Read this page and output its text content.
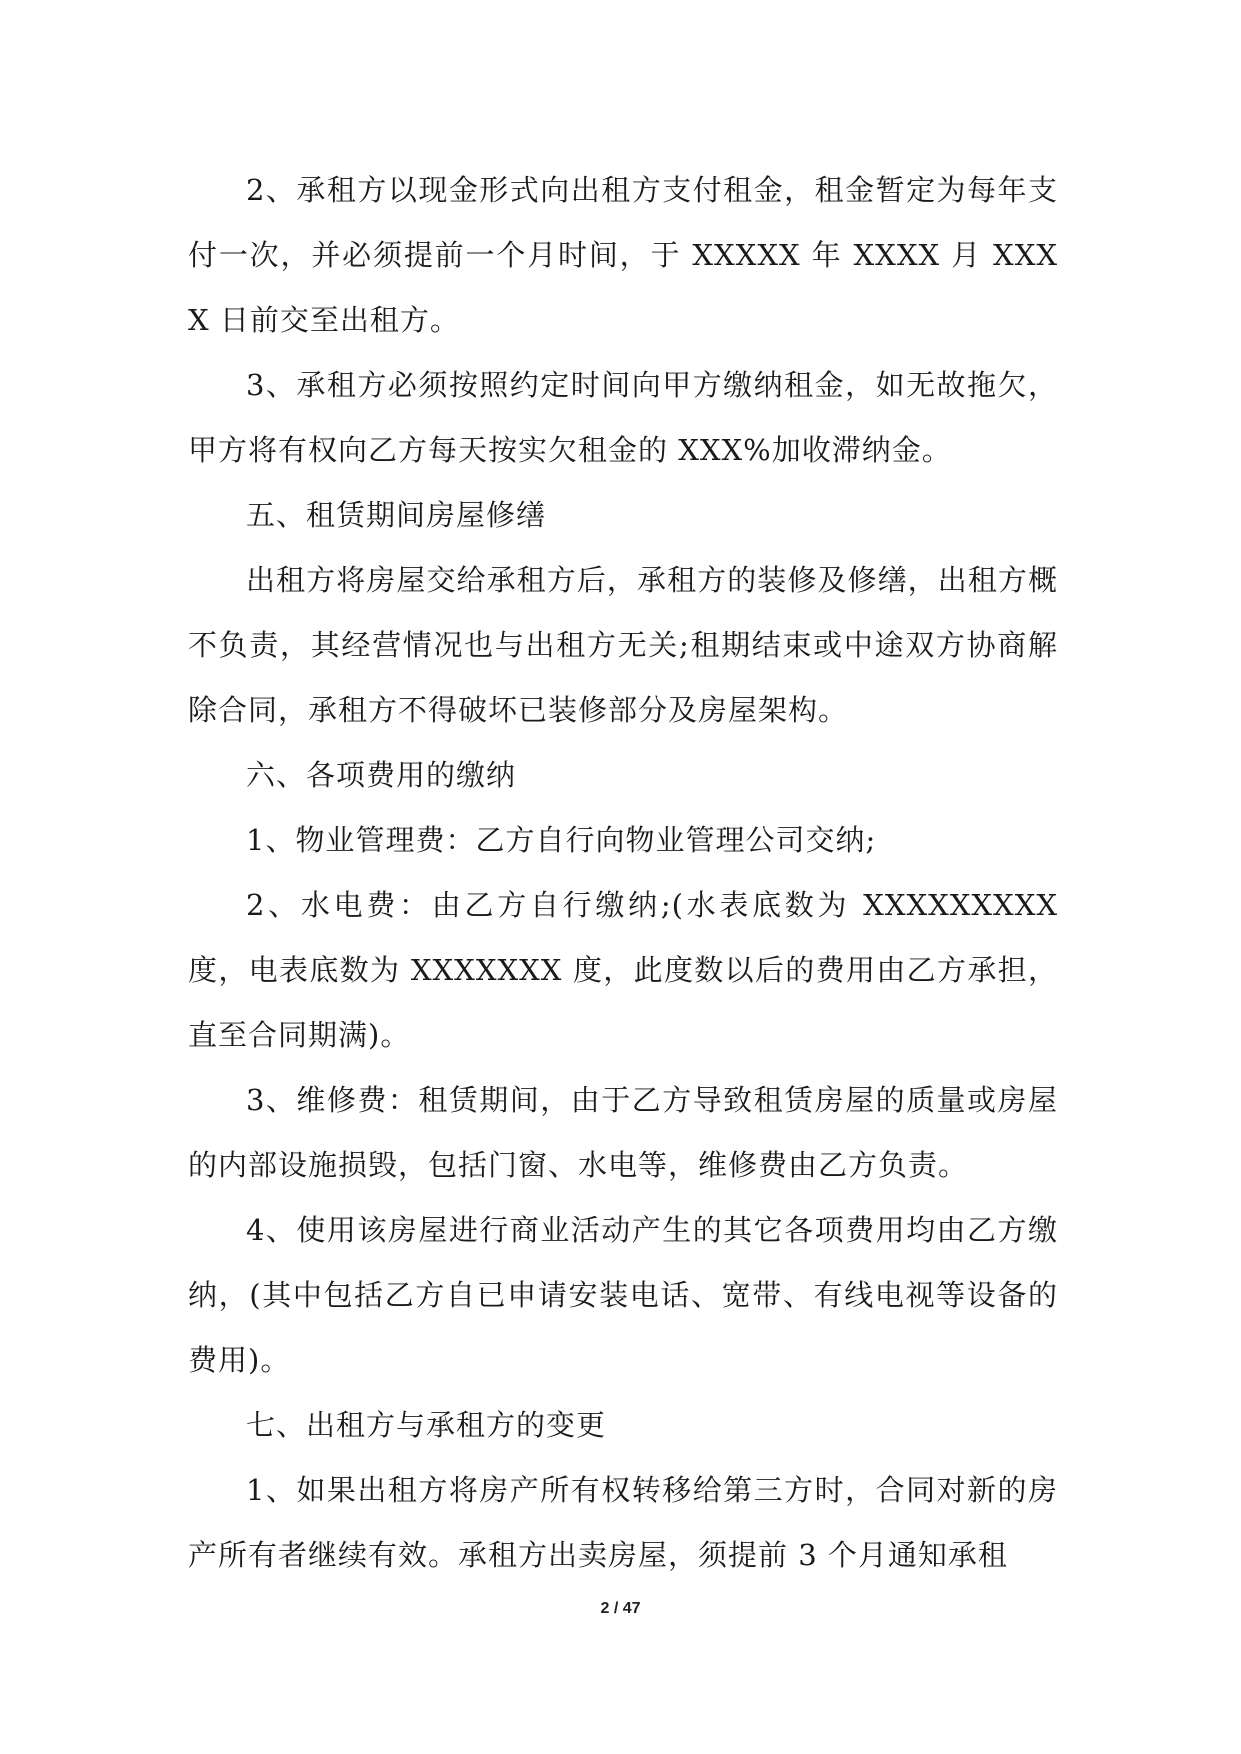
2、承租方以现金形式向出租方支付租金，租金暂定为每年支付一次，并必须提前一个月时间，于 XXXXX 年 XXXX 月 XXXX 日前交至出租方。

3、承租方必须按照约定时间向甲方缴纳租金，如无故拖欠，甲方将有权向乙方每天按实欠租金的 XXX%加收滞纳金。

五、租赁期间房屋修缮

出租方将房屋交给承租方后，承租方的装修及修缮，出租方概不负责，其经营情况也与出租方无关;租期结束或中途双方协商解除合同，承租方不得破坏已装修部分及房屋架构。

六、各项费用的缴纳

1、物业管理费：乙方自行向物业管理公司交纳;

2、水电费：由乙方自行缴纳;(水表底数为 XXXXXXXXX 度，电表底数为 XXXXXXX 度，此度数以后的费用由乙方承担，直至合同期满)。

3、维修费：租赁期间，由于乙方导致租赁房屋的质量或房屋的内部设施损毁，包括门窗、水电等，维修费由乙方负责。

4、使用该房屋进行商业活动产生的其它各项费用均由乙方缴纳，(其中包括乙方自已申请安装电话、宽带、有线电视等设备的费用)。

七、出租方与承租方的变更

1、如果出租方将房产所有权转移给第三方时，合同对新的房产所有者继续有效。承租方出卖房屋，须提前 3 个月通知承租

2 / 47
